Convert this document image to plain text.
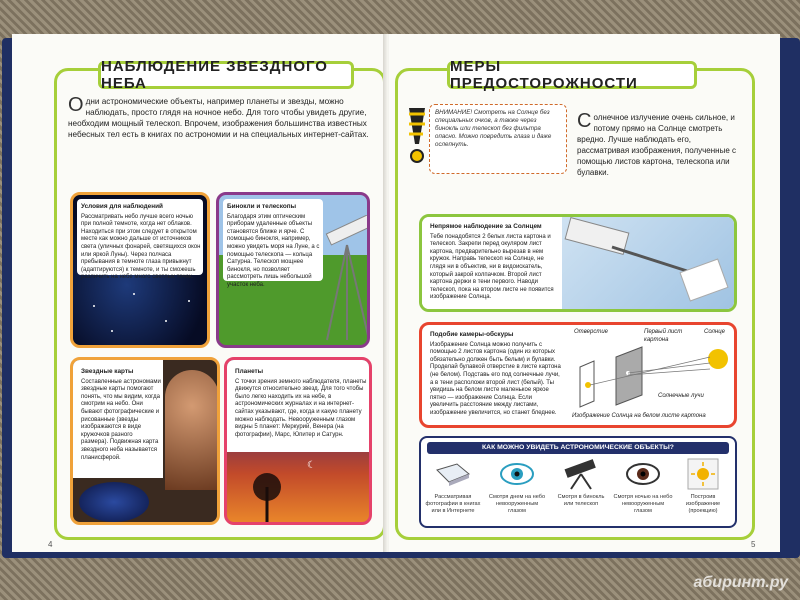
НАБЛЮДЕНИЕ ЗВЕЗДНОГО НЕБА
Одни астрономические объекты, например планеты и звезды, можно наблюдать, просто глядя на ночное небо. Для того чтобы увидеть другие, необходим мощный телескоп. Впрочем, изображения большинства известных небесных тел есть в книгах по астрономии и на специальных интернет-сайтах.
Условия для наблюдений
Рассматривать небо лучше всего ночью при полной темноте, когда нет облаков. Находиться при этом следует в открытом месте как можно дальше от источников света (уличных фонарей, светящихся окон или яркой Луны). Через полчаса пребывания в темноте глаза привыкнут (адаптируются) к темноте, и ты сможешь различить на небе много светлых точек.
Бинокли и телескопы
Благодаря этим оптическим приборам удаленные объекты становятся ближе и ярче. С помощью бинокля, например, можно увидеть моря на Луне, а с помощью телескопа — кольца Сатурна. Телескоп мощнее бинокля, но позволяет рассмотреть лишь небольшой участок неба.
Звездные карты
Составленные астрономами звездные карты помогают понять, что мы видим, когда смотрим на небо. Они бывают фотографические и рисованные (звезды изображаются в виде кружочков разного размера). Подвижная карта звездного неба называется планисферой.
Планеты
С точки зрения земного наблюдателя, планеты движутся относительно звезд. Для того чтобы было легко находить их на небе, в астрономических журналах и на интернет-сайтах указывают, где, когда и какую планету можно наблюдать. Невооруженным глазом видны 5 планет: Меркурий, Венера (на фотографии), Марс, Юпитер и Сатурн.
☾
4
МЕРЫ ПРЕДОСТОРОЖНОСТИ
ВНИМАНИЕ! Смотреть на Солнце без специальных очков, а также через бинокль или телескоп без фильтра опасно. Можно повредить глаза и даже ослепнуть.
Солнечное излучение очень сильное, и потому прямо на Солнце смотреть вредно. Лучше наблюдать его, рассматривая изображения, полученные с помощью листов картона, телескопа или булавки.
Непрямое наблюдение за Солнцем
Тебе понадобятся 2 белых листа картона и телескоп. Закрепи перед окуляром лист картона, предварительно вырезав в нем кружок. Направь телескоп на Солнце, не глядя ни в объектив, ни в видоискатель, который закрой колпачком. Второй лист картона держи в тени первого. Наводи телескоп, пока на втором листе не появится изображение Солнца.
Подобие камеры-обскуры
Изображение Солнца можно получить с помощью 2 листов картона (один из которых обязательно должен быть белым) и булавки. Проделай булавкой отверстие в листе картона (не белом). Подставь его под солнечные лучи, а в тени расположи второй лист (белый). Ты увидишь на белом листе маленькое яркое пятно — изображение Солнца. Если увеличить расстояние между листами, изображение увеличится, но станет бледнее.
Отверстие	Первый лист картона
Солнце
Солнечные лучи
Изображение Солнца на белом листе картона
КАК МОЖНО УВИДЕТЬ АСТРОНОМИЧЕСКИЕ ОБЪЕКТЫ?
Рассматривая фотографии в книгах или в Интернете
Смотря днем на небо невооруженным глазом
Смотря в бинокль или телескоп
Смотря ночью на небо невооруженным глазом
Построив изображение (проекцию)
5
абиринт.ру
